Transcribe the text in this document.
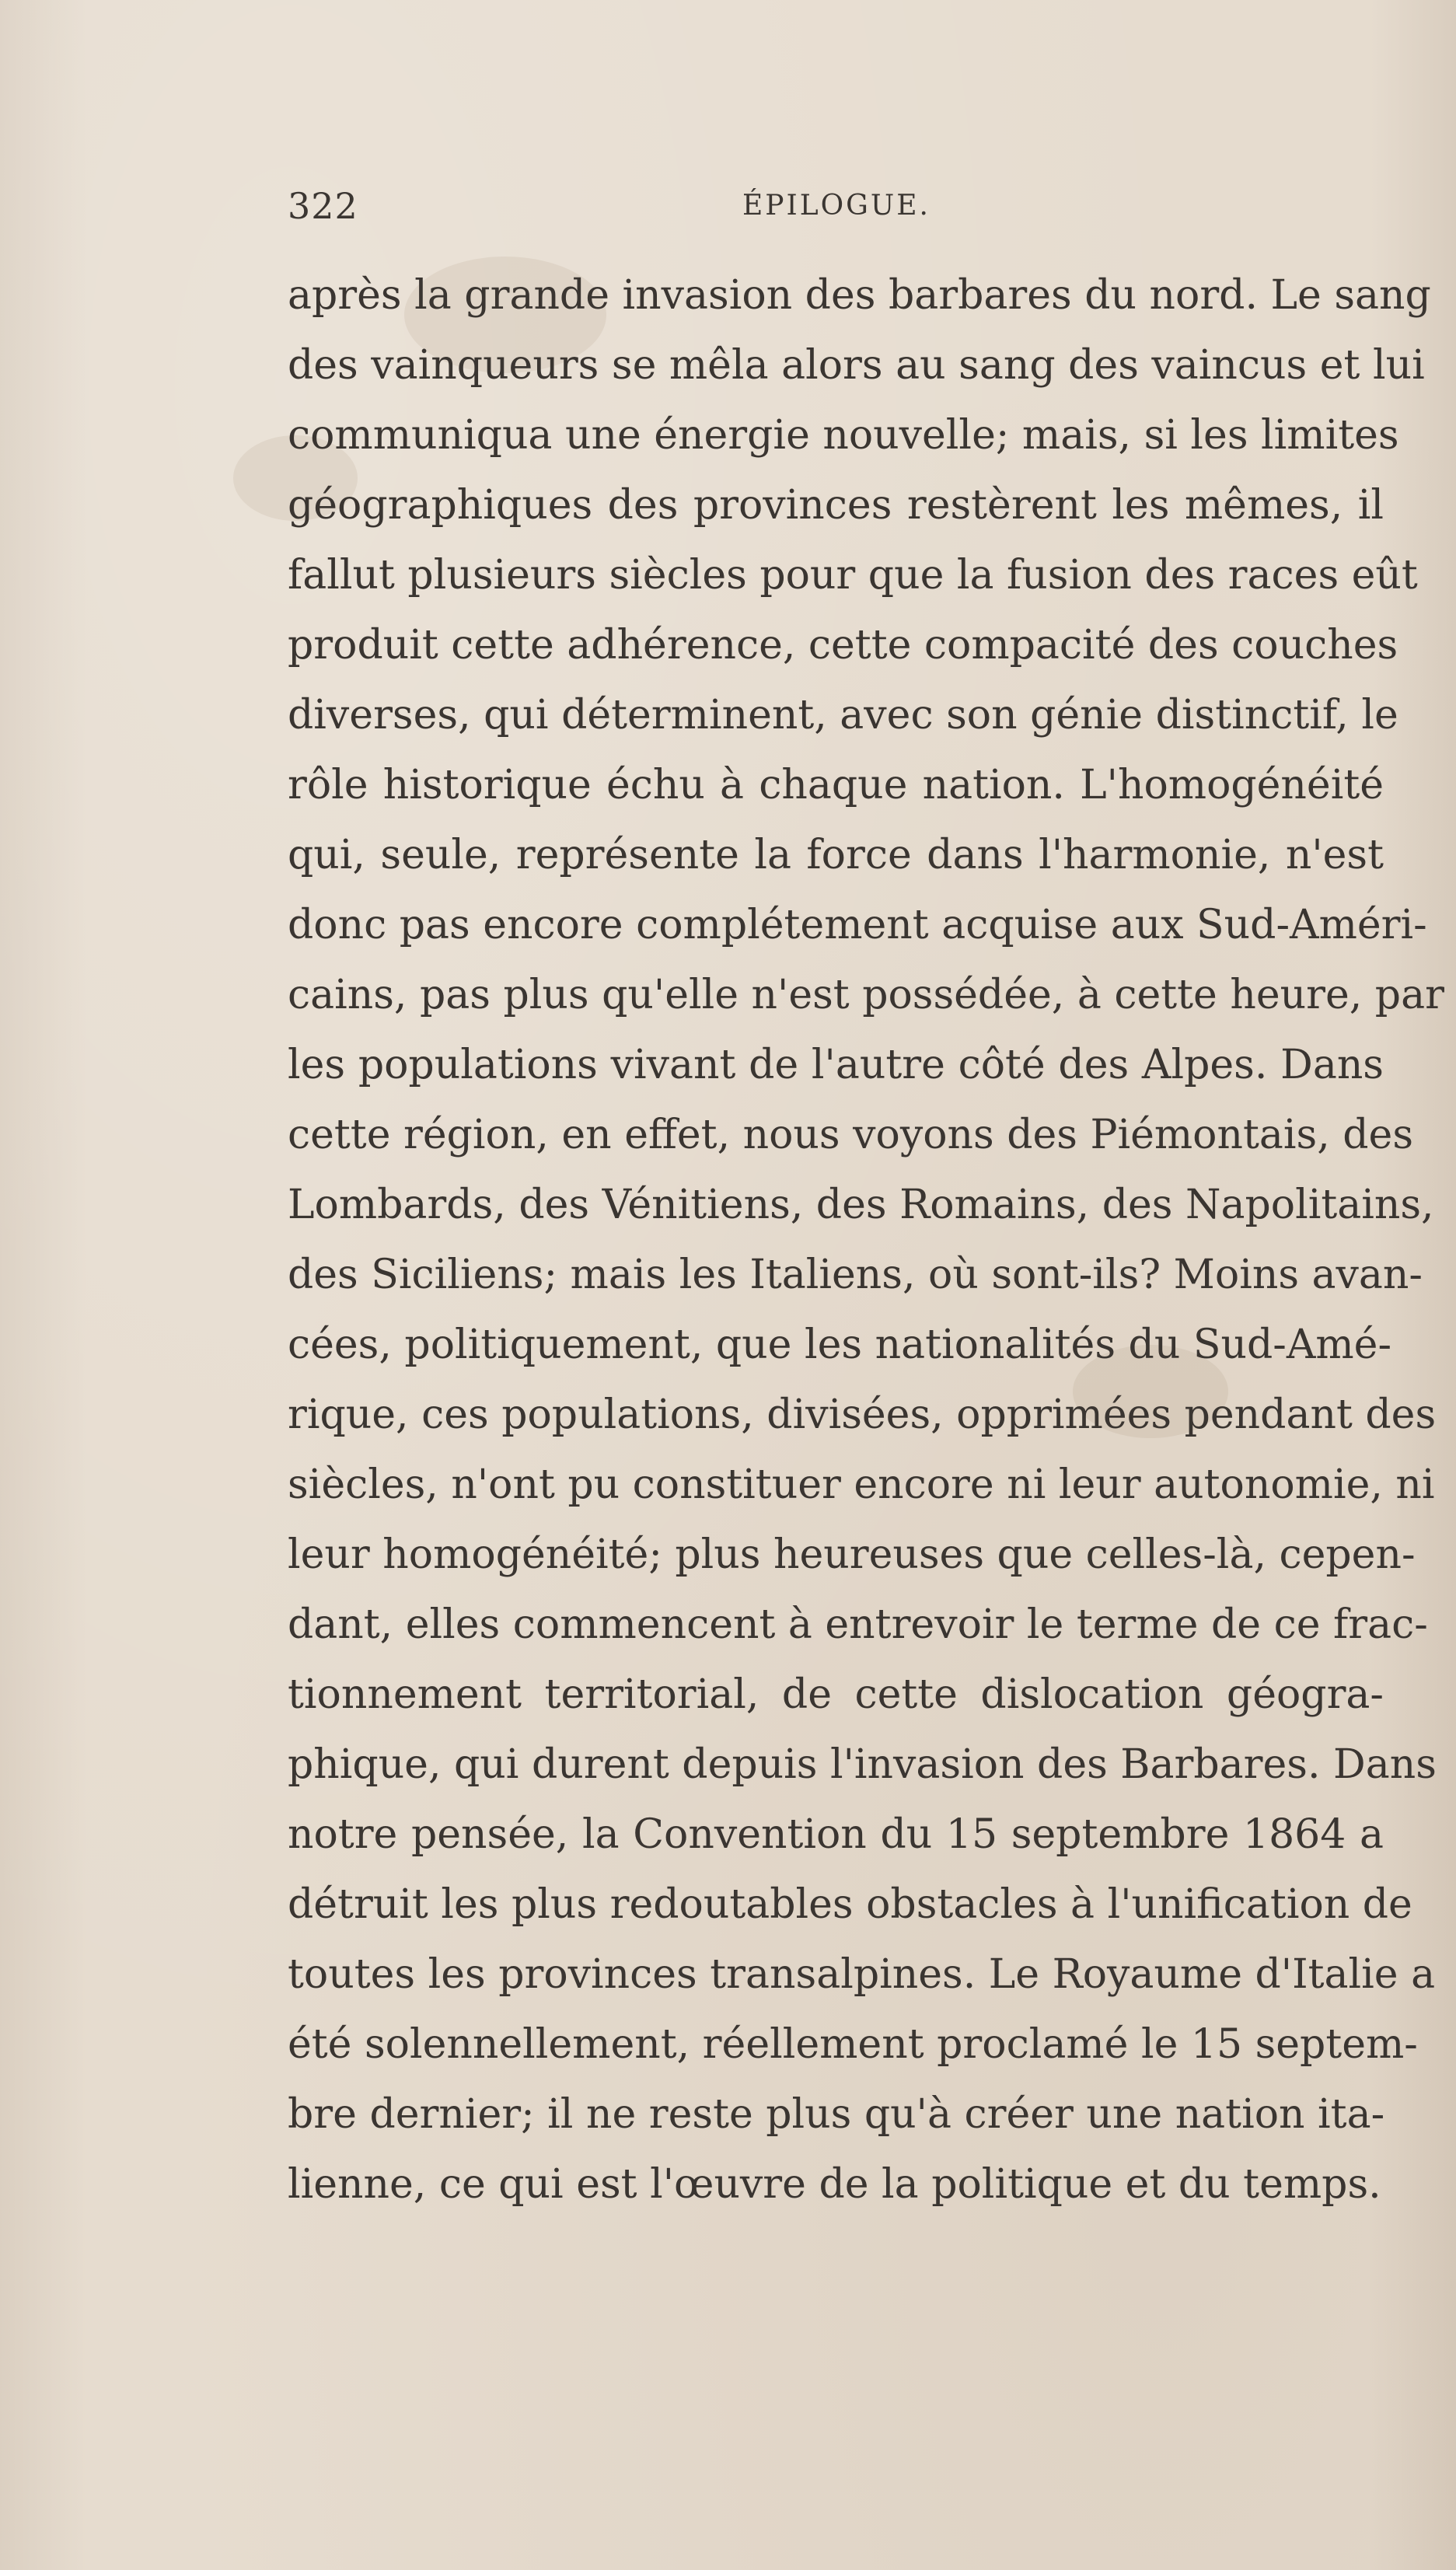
322	ÉPILOGUE.
après la grande invasion des barbares du nord. Le sang
des vainqueurs se mêla alors au sang des vaincus et lui
communiqua une énergie nouvelle; mais, si les limites
géographiques des provinces restèrent les mêmes, il
fallut plusieurs siècles pour que la fusion des races eût
produit cette adhérence, cette compacité des couches
diverses, qui déterminent, avec son génie distinctif, le
rôle historique échu à chaque nation. L'homogénéité
qui, seule, représente la force dans l'harmonie, n'est
donc pas encore complétement acquise aux Sud-Améri-
cains, pas plus qu'elle n'est possédée, à cette heure, par
les populations vivant de l'autre côté des Alpes. Dans
cette région, en effet, nous voyons des Piémontais, des
Lombards, des Vénitiens, des Romains, des Napolitains,
des Siciliens; mais les Italiens, où sont-ils? Moins avan-
cées, politiquement, que les nationalités du Sud-Amé-
rique, ces populations, divisées, opprimées pendant des
siècles, n'ont pu constituer encore ni leur autonomie, ni
leur homogénéité; plus heureuses que celles-là, cepen-
dant, elles commencent à entrevoir le terme de ce frac-
tionnement territorial, de cette dislocation géogra-
phique, qui durent depuis l'invasion des Barbares. Dans
notre pensée, la Convention du 15 septembre 1864 a
détruit les plus redoutables obstacles à l'unification de
toutes les provinces transalpines. Le Royaume d'Italie a
été solennellement, réellement proclamé le 15 septem-
bre dernier; il ne reste plus qu'à créer une nation ita-
lienne, ce qui est l'œuvre de la politique et du temps.
